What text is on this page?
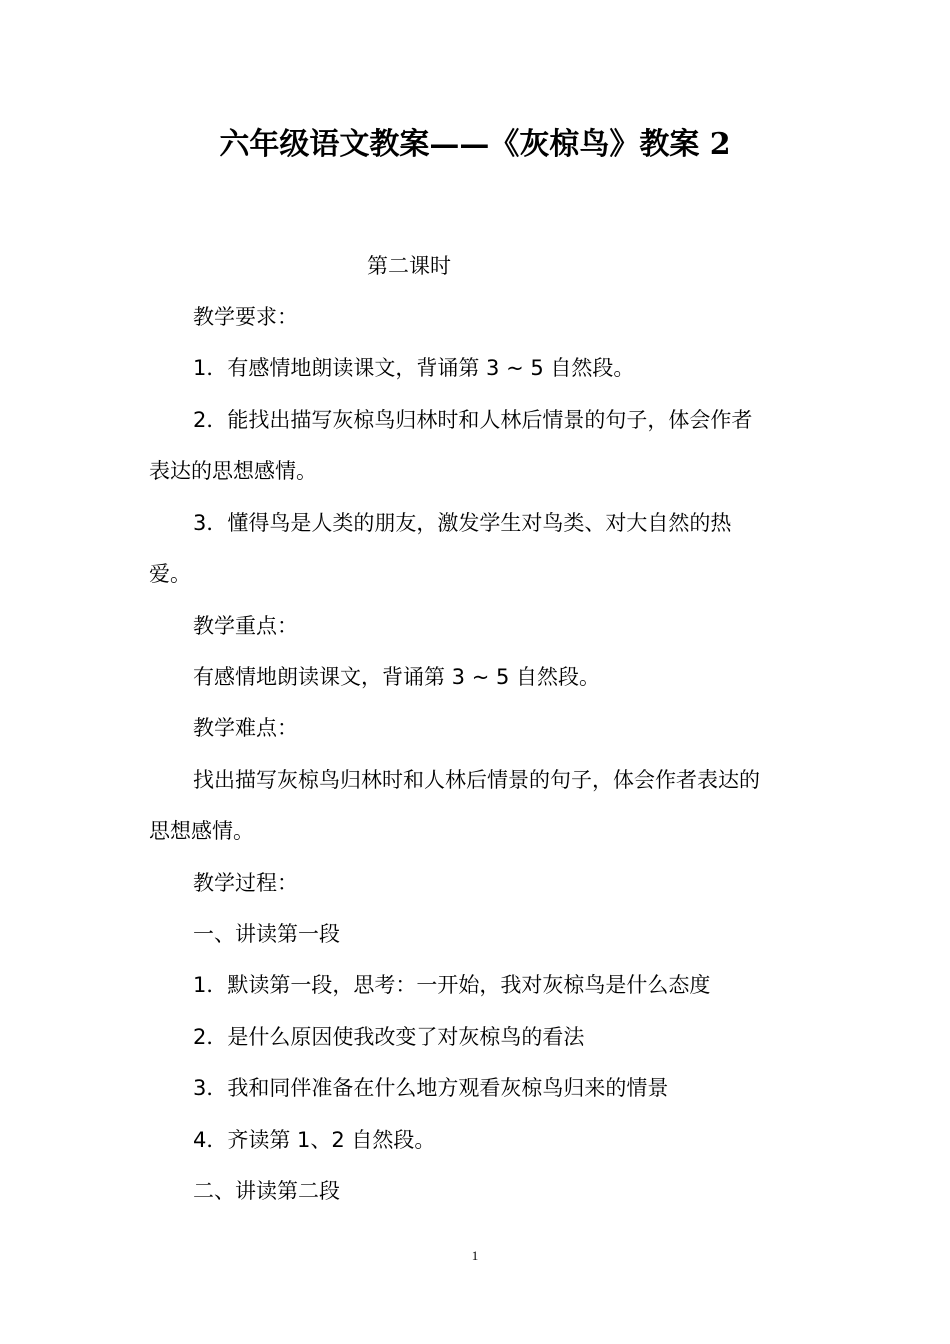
六年级语文教案——《灰椋鸟》教案 2
第二课时
教学要求：
1．有感情地朗读课文，背诵第 3 ~ 5 自然段。
2．能找出描写灰椋鸟归林时和人林后情景的句子，体会作者
表达的思想感情。
3．懂得鸟是人类的朋友，激发学生对鸟类、对大自然的热
爱。
教学重点：
有感情地朗读课文，背诵第 3 ~ 5 自然段。
教学难点：
找出描写灰椋鸟归林时和人林后情景的句子，体会作者表达的
思想感情。
教学过程：
一、讲读第一段
1．默读第一段，思考：一开始，我对灰椋鸟是什么态度
2．是什么原因使我改变了对灰椋鸟的看法
3．我和同伴准备在什么地方观看灰椋鸟归来的情景
4．齐读第 1、2 自然段。
二、讲读第二段
1
